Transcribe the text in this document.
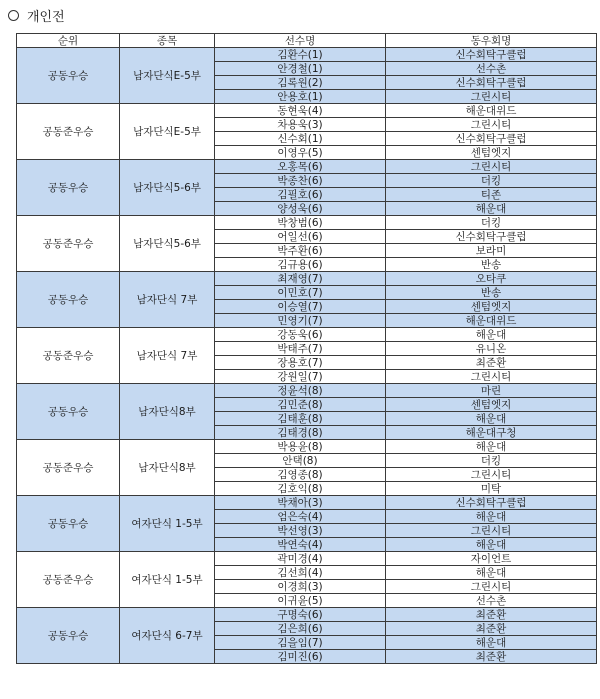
개인전
순위	종목	선수명	동우회명
공동우승	남자단식E-5부	김환수(1)	신수회탁구클럽
		안경철(1)	선수촌
		김록원(2)	신수회탁구클럽
		안용호(1)	그린시티
공동준우승	남자단식E-5부	동현욱(4)	해운대위드
		차용욱(3)	그린시티
		신수회(1)	신수회탁구클럽
		이영우(5)	센텀엣지
공동우승	남자단식5-6부	오홍목(6)	그린시티
		박종찬(6)	더킹
		김필호(6)	티존
		양성욱(6)	해운대
공동준우승	남자단식5-6부	박창범(6)	더킹
		어일선(6)	신수회탁구클럽
		박주환(6)	보라미
		김규용(6)	반송
공동우승	남자단식 7부	최재영(7)	오타쿠
		이민호(7)	반송
		이승열(7)	센텀엣지
		민영기(7)	해운대위드
공동준우승	남자단식 7부	강동욱(6)	해운대
		박태주(7)	유니온
		장용호(7)	최준환
		강원일(7)	그린시티
공동우승	남자단식8부	정윤석(8)	마린
		김민준(8)	센텀엣지
		김태훈(8)	해운대
		김태경(8)	해운대구청
공동준우승	남자단식8부	박용윤(8)	해운대
		안택(8)	더킹
		김영종(8)	그린시티
		김호익(8)	미탁
공동우승	여자단식 1-5부	박채아(3)	신수회탁구클럽
		엄은숙(4)	해운대
		박선영(3)	그린시티
		박연숙(4)	해운대
공동준우승	여자단식 1-5부	곽미경(4)	자이언트
		김선희(4)	해운대
		이경희(3)	그린시티
		이귀윤(5)	선수촌
공동우승	여자단식 6-7부	구명숙(6)	최준환
		김은희(6)	최준환
		김을임(7)	해운대
		김미진(6)	최준환
